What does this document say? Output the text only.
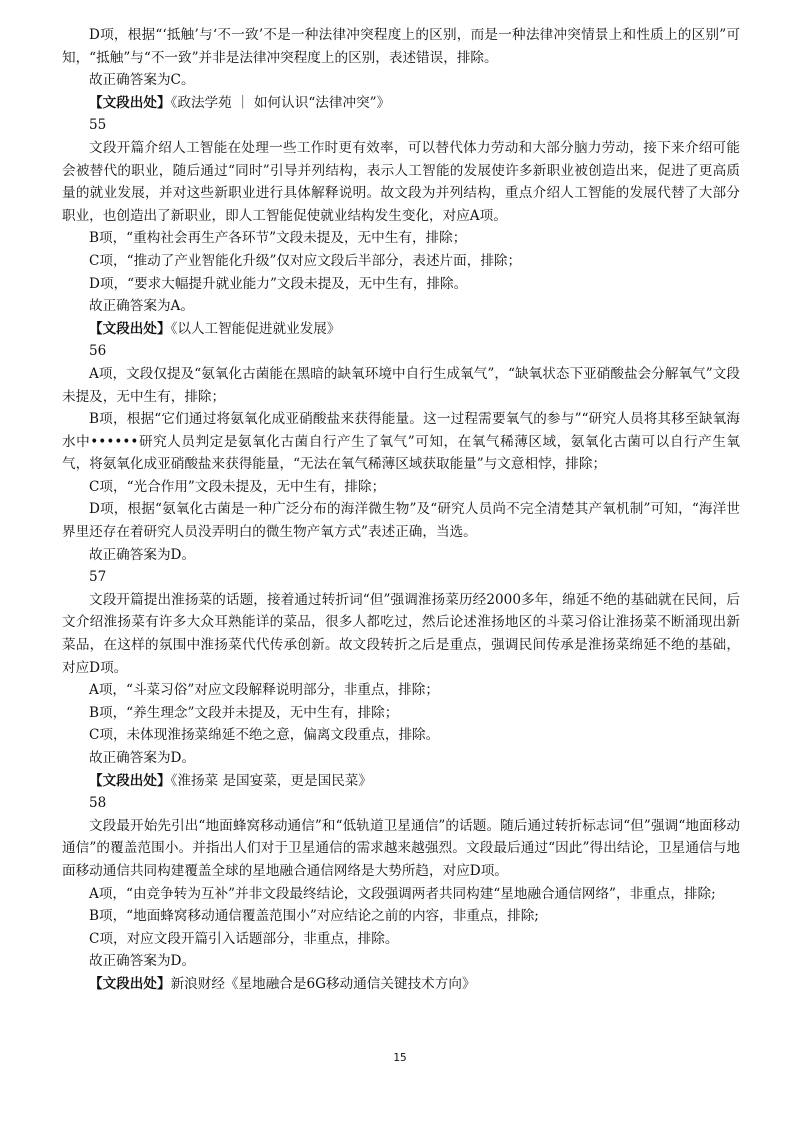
D项，根据“‘抵触’与‘不一致’不是一种法律冲突程度上的区别，而是一种法律冲突情景上和性质上的区别”可知，“抵触”与“不一致”并非是法律冲突程度上的区别，表述错误，排除。

故正确答案为C。

【文段出处】《政法学苑 ｜ 如何认识“法律冲突”》

55

文段开篇介绍人工智能在处理一些工作时更有效率，可以替代体力劳动和大部分脑力劳动，接下来介绍可能会被替代的职业，随后通过“同时”引导并列结构，表示人工智能的发展使许多新职业被创造出来，促进了更高质量的就业发展，并对这些新职业进行具体解释说明。故文段为并列结构，重点介绍人工智能的发展代替了大部分职业，也创造出了新职业，即人工智能促使就业结构发生变化，对应A项。

B项，“重构社会再生产各环节”文段未提及，无中生有，排除；

C项，“推动了产业智能化升级”仅对应文段后半部分，表述片面，排除；

D项，“要求大幅提升就业能力”文段未提及，无中生有，排除。

故正确答案为A。

【文段出处】《以人工智能促进就业发展》

56

A项，文段仅提及“氨氧化古菌能在黑暗的缺氧环境中自行生成氧气”，“缺氧状态下亚硝酸盐会分解氧气”文段未提及，无中生有，排除；

B项，根据“它们通过将氨氧化成亚硝酸盐来获得能量。这一过程需要氧气的参与”“研究人员将其移至缺氧海水中••••••研究人员判定是氨氧化古菌自行产生了氧气”可知，在氧气稀薄区域，氨氧化古菌可以自行产生氧气，将氨氧化成亚硝酸盐来获得能量，“无法在氧气稀薄区域获取能量”与文意相悖，排除；

C项，“光合作用”文段未提及，无中生有，排除；

D项，根据“氨氧化古菌是一种广泛分布的海洋微生物”及“研究人员尚不完全清楚其产氧机制”可知，“海洋世界里还存在着研究人员没弄明白的微生物产氧方式”表述正确，当选。

故正确答案为D。

57

文段开篇提出淮扬菜的话题，接着通过转折词“但”强调淮扬菜历经2000多年，绵延不绝的基础就在民间，后文介绍淮扬菜有许多大众耳熟能详的菜品，很多人都吃过，然后论述淮扬地区的斗菜习俗让淮扬菜不断涌现出新菜品，在这样的氛围中淮扬菜代代传承创新。故文段转折之后是重点，强调民间传承是淮扬菜绵延不绝的基础，对应D项。

A项，“斗菜习俗”对应文段解释说明部分，非重点，排除；

B项，“养生理念”文段并未提及，无中生有，排除；

C项，未体现淮扬菜绵延不绝之意，偏离文段重点，排除。

故正确答案为D。

【文段出处】《淮扬菜 是国宴菜，更是国民菜》

58

文段最开始先引出“地面蜂窝移动通信”和“低轨道卫星通信”的话题。随后通过转折标志词“但”强调“地面移动通信”的覆盖范围小。并指出人们对于卫星通信的需求越来越强烈。文段最后通过“因此”得出结论，卫星通信与地面移动通信共同构建覆盖全球的星地融合通信网络是大势所趋，对应D项。

A项，“由竞争转为互补”并非文段最终结论，文段强调两者共同构建“星地融合通信网络”，非重点，排除;

B项，“地面蜂窝移动通信覆盖范围小”对应结论之前的内容，非重点，排除;

C项，对应文段开篇引入话题部分，非重点，排除。

故正确答案为D。

【文段出处】新浪财经《星地融合是6G移动通信关键技术方向》

15
